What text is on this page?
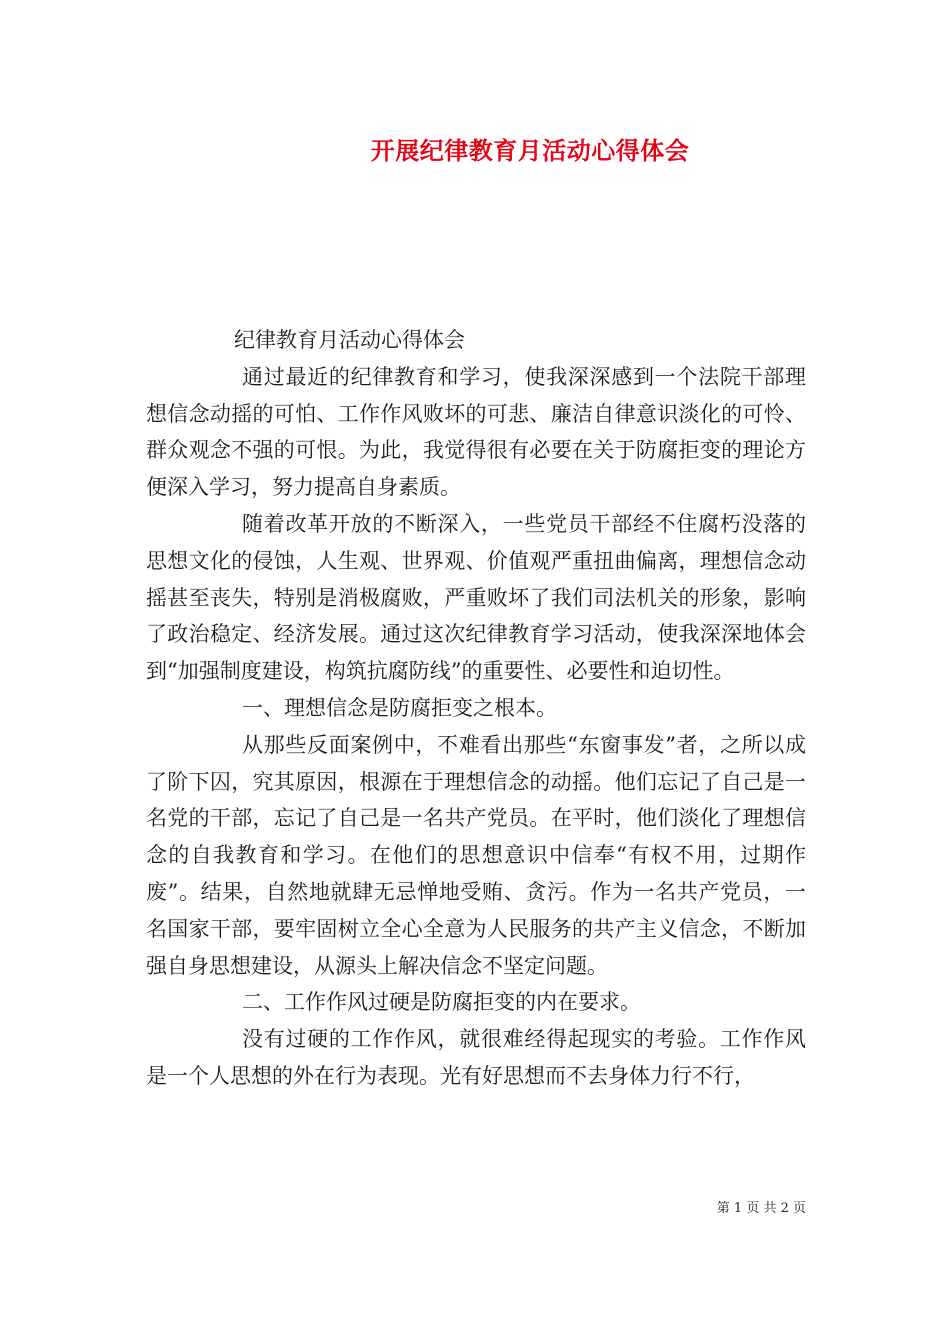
开展纪律教育月活动心得体会

纪律教育月活动心得体会

通过最近的纪律教育和学习，使我深深感到一个法院干部理想信念动摇的可怕、工作作风败坏的可悲、廉洁自律意识淡化的可怜、群众观念不强的可恨。为此，我觉得很有必要在关于防腐拒变的理论方便深入学习，努力提高自身素质。

随着改革开放的不断深入，一些党员干部经不住腐朽没落的思想文化的侵蚀，人生观、世界观、价值观严重扭曲偏离，理想信念动摇甚至丧失，特别是消极腐败，严重败坏了我们司法机关的形象，影响了政治稳定、经济发展。通过这次纪律教育学习活动，使我深深地体会到“加强制度建设，构筑抗腐防线”的重要性、必要性和迫切性。

一、理想信念是防腐拒变之根本。

从那些反面案例中，不难看出那些“东窗事发”者，之所以成了阶下囚，究其原因，根源在于理想信念的动摇。他们忘记了自己是一名党的干部，忘记了自己是一名共产党员。在平时，他们淡化了理想信念的自我教育和学习。在他们的思想意识中信奉“有权不用，过期作废”。结果，自然地就肆无忌惮地受贿、贪污。作为一名共产党员，一名国家干部，要牢固树立全心全意为人民服务的共产主义信念，不断加强自身思想建设，从源头上解决信念不坚定问题。

二、工作作风过硬是防腐拒变的内在要求。

没有过硬的工作作风，就很难经得起现实的考验。工作作风是一个人思想的外在行为表现。光有好思想而不去身体力行不行，

第 1 页 共 2 页
